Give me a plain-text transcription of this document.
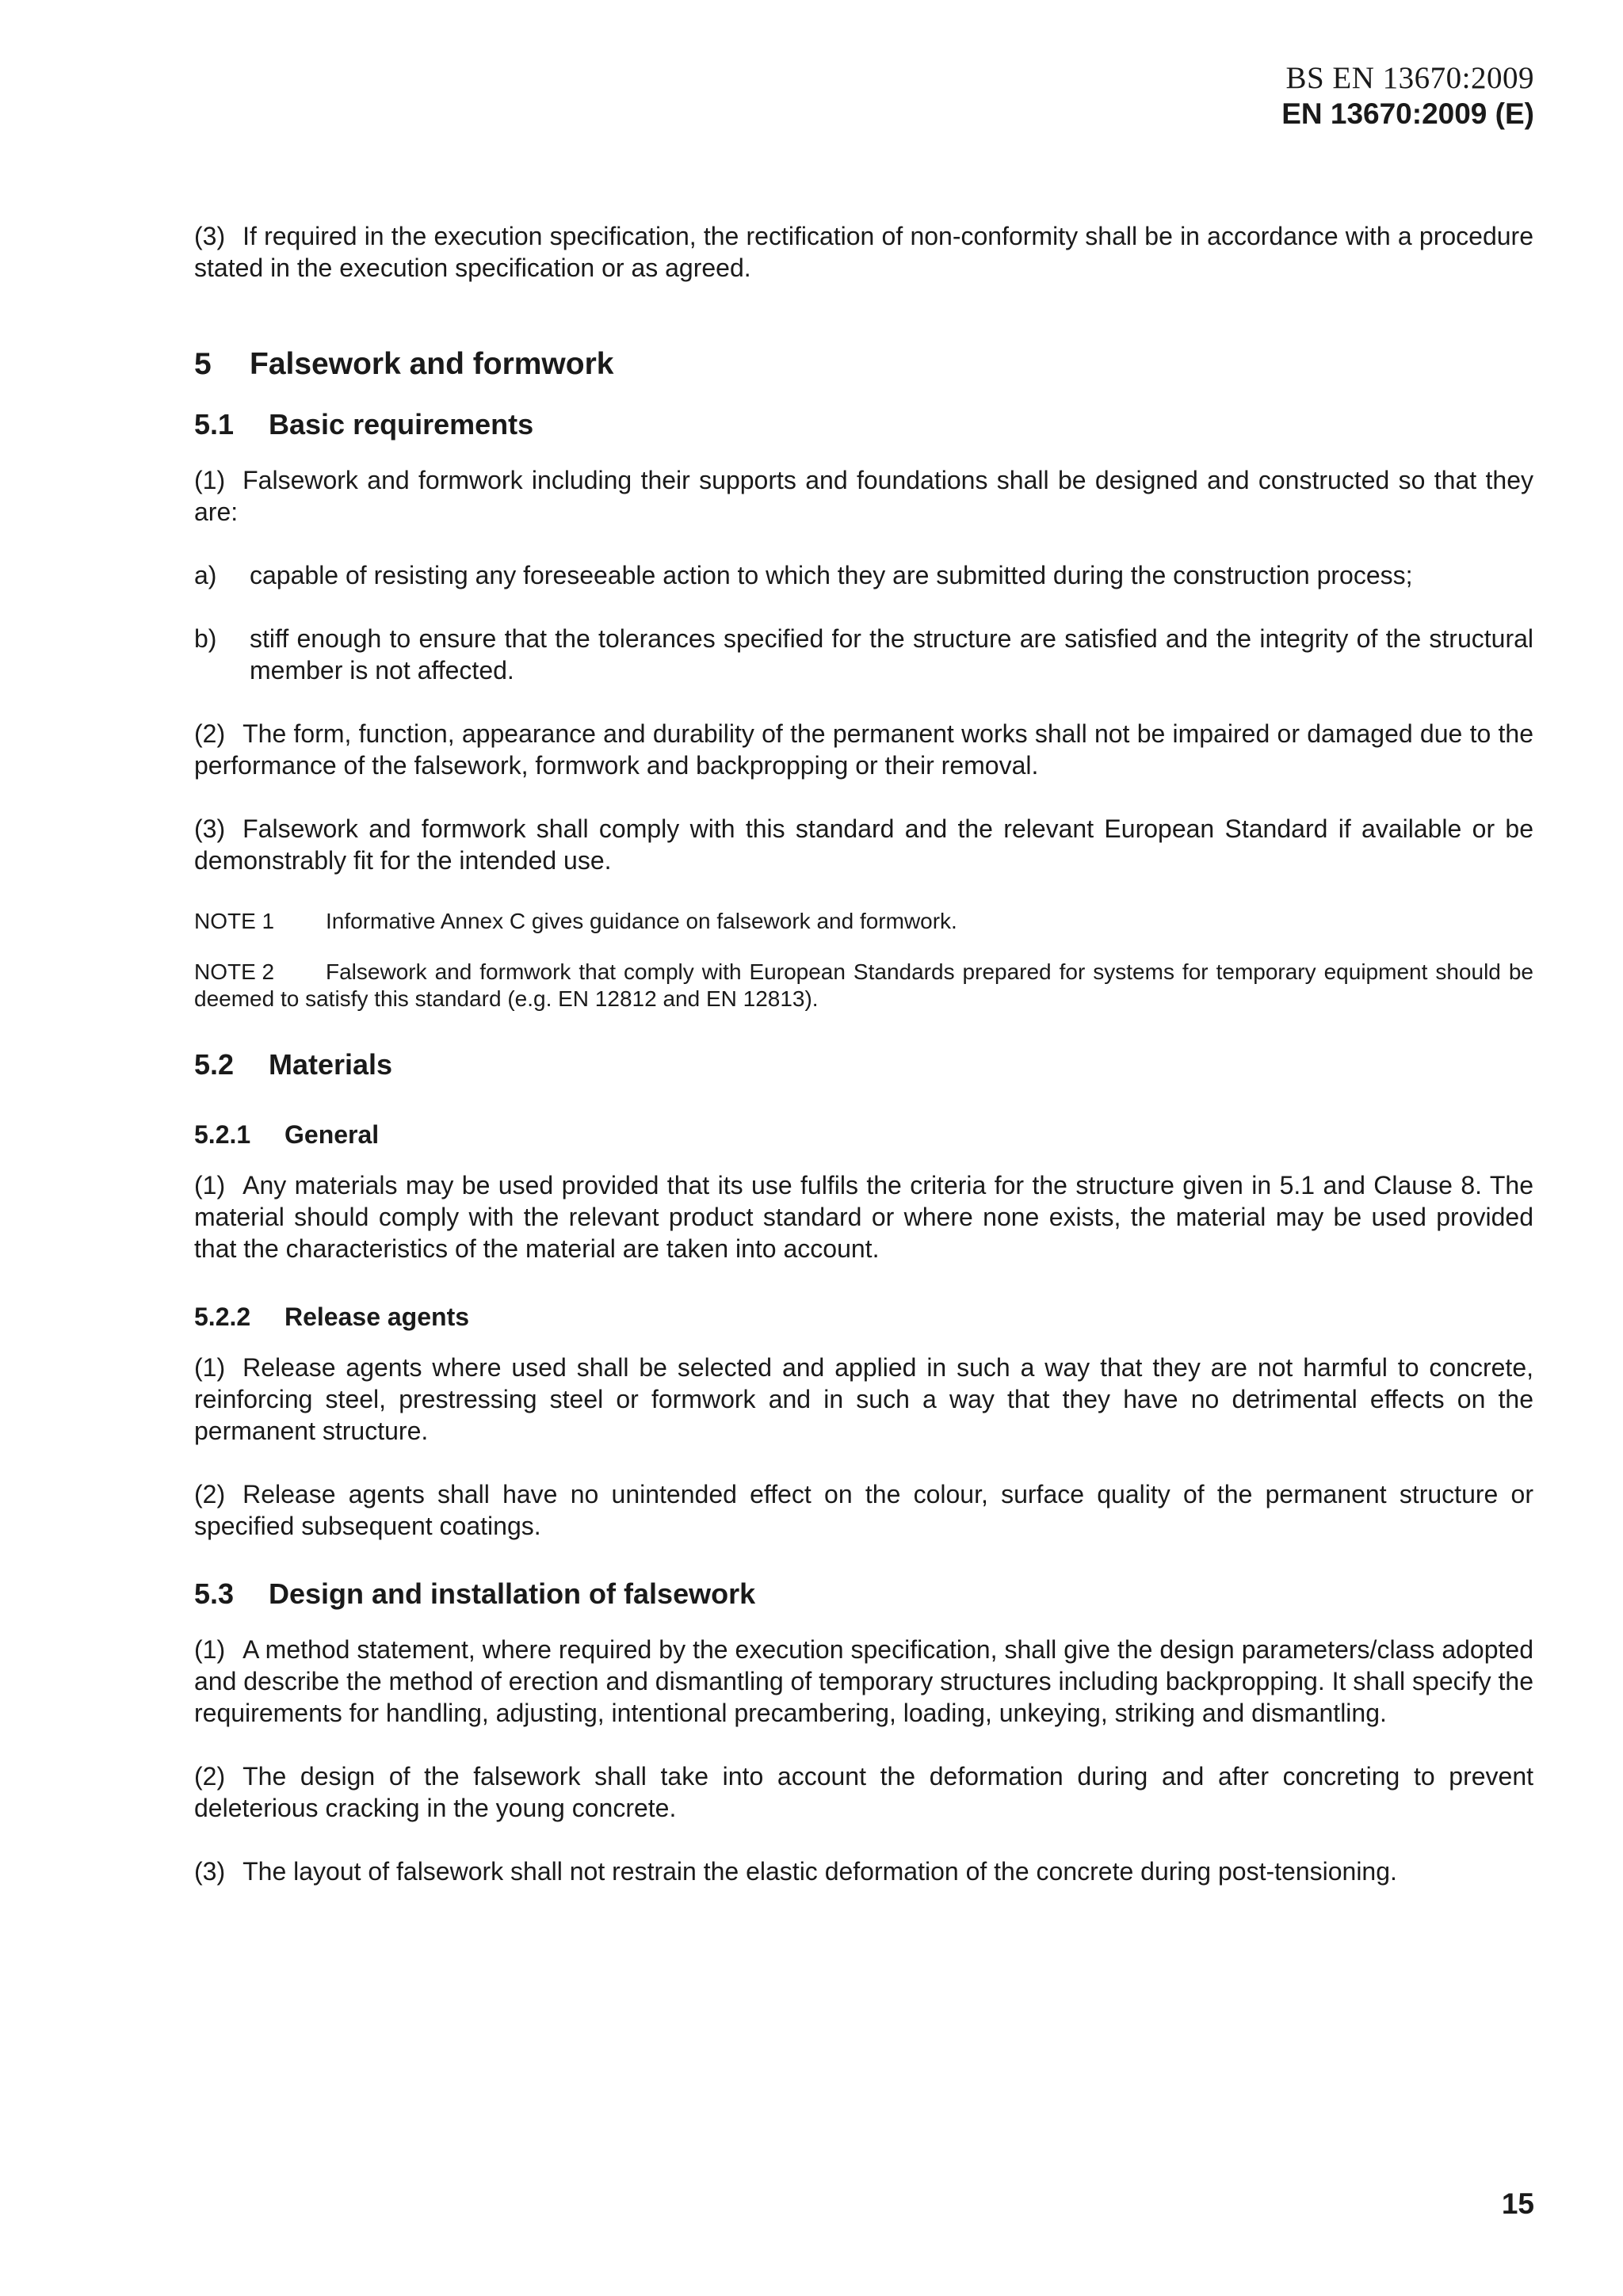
BS EN 13670:2009
EN 13670:2009 (E)

(3) If required in the execution specification, the rectification of non-conformity shall be in accordance with a procedure stated in the execution specification or as agreed.

5 Falsework and formwork
5.1 Basic requirements

(1) Falsework and formwork including their supports and foundations shall be designed and constructed so that they are:

a)	capable of resisting any foreseeable action to which they are submitted during the construction process;
b)	stiff enough to ensure that the tolerances specified for the structure are satisfied and the integrity of the structural member is not affected.

(2) The form, function, appearance and durability of the permanent works shall not be impaired or damaged due to the performance of the falsework, formwork and backpropping or their removal.

(3) Falsework and formwork shall comply with this standard and the relevant European Standard if available or be demonstrably fit for the intended use.

NOTE 1 Informative Annex C gives guidance on falsework and formwork.

NOTE 2 Falsework and formwork that comply with European Standards prepared for systems for temporary equipment should be deemed to satisfy this standard (e.g. EN 12812 and EN 12813).

5.2 Materials
5.2.1 General

(1) Any materials may be used provided that its use fulfils the criteria for the structure given in 5.1 and Clause 8. The material should comply with the relevant product standard or where none exists, the material may be used provided that the characteristics of the material are taken into account.

5.2.2 Release agents

(1) Release agents where used shall be selected and applied in such a way that they are not harmful to concrete, reinforcing steel, prestressing steel or formwork and in such a way that they have no detrimental effects on the permanent structure.

(2) Release agents shall have no unintended effect on the colour, surface quality of the permanent structure or specified subsequent coatings.

5.3 Design and installation of falsework

(1) A method statement, where required by the execution specification, shall give the design parameters/class adopted and describe the method of erection and dismantling of temporary structures including backpropping. It shall specify the requirements for handling, adjusting, intentional precambering, loading, unkeying, striking and dismantling.

(2) The design of the falsework shall take into account the deformation during and after concreting to prevent deleterious cracking in the young concrete.

(3) The layout of falsework shall not restrain the elastic deformation of the concrete during post-tensioning.

15
